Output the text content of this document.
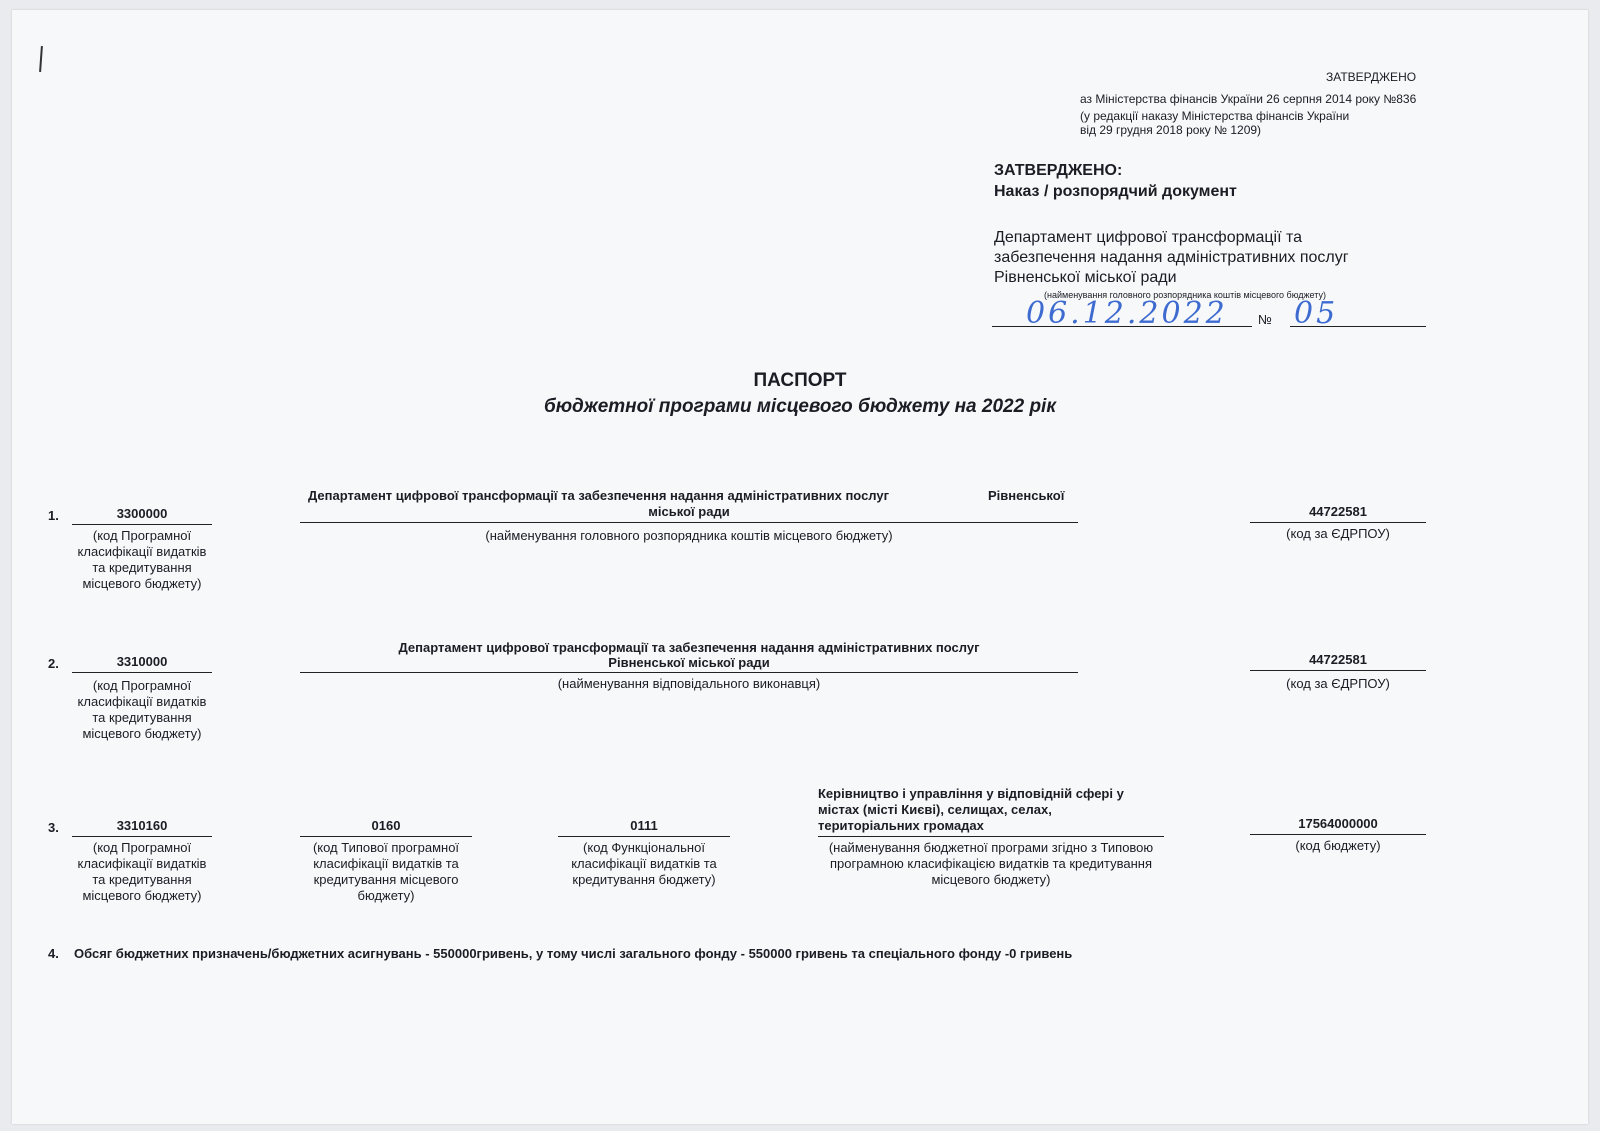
ЗАТВЕРДЖЕНО
аз Міністерства фінансів України 26 серпня 2014 року №836
(у редакції наказу Міністерства фінансів України
від 29 грудня 2018 року № 1209)
ЗАТВЕРДЖЕНО:
Наказ / розпорядчий документ
Департамент цифрової трансформації та
забезпечення надання адміністративних послуг
Рівненської міської ради
(найменування головного розпорядника коштів місцевого бюджету)
06.12.2022 № 05
ПАСПОРТ
бюджетної програми місцевого бюджету на 2022 рік
1.	3300000
(код Програмної класифікації видатків та кредитування місцевого бюджету)
Департамент цифрової трансформації та забезпечення надання адміністративних послуг	Рівненської
міської ради
(найменування головного розпорядника коштів місцевого бюджету)
44722581
(код за ЄДРПОУ)
2.	3310000
(код Програмної класифікації видатків та кредитування місцевого бюджету)
Департамент цифрової трансформації та забезпечення надання адміністративних послуг
Рівненської міської ради
(найменування відповідального виконавця)
44722581
(код за ЄДРПОУ)
3.	3310160
(код Програмної класифікації видатків та кредитування місцевого бюджету)
0160
(код Типової програмної класифікації видатків та кредитування місцевого бюджету)
0111
(код Функціональної класифікації видатків та кредитування бюджету)
Керівництво і управління у відповідній сфері у
містах (місті Києві), селищах, селах,
територіальних громадах
(найменування бюджетної програми згідно з Типовою програмною класифікацією видатків та кредитування місцевого бюджету)
17564000000
(код бюджету)
4. Обсяг бюджетних призначень/бюджетних асигнувань - 550000гривень, у тому числі загального фонду - 550000 гривень та спеціального фонду -0 гривень
